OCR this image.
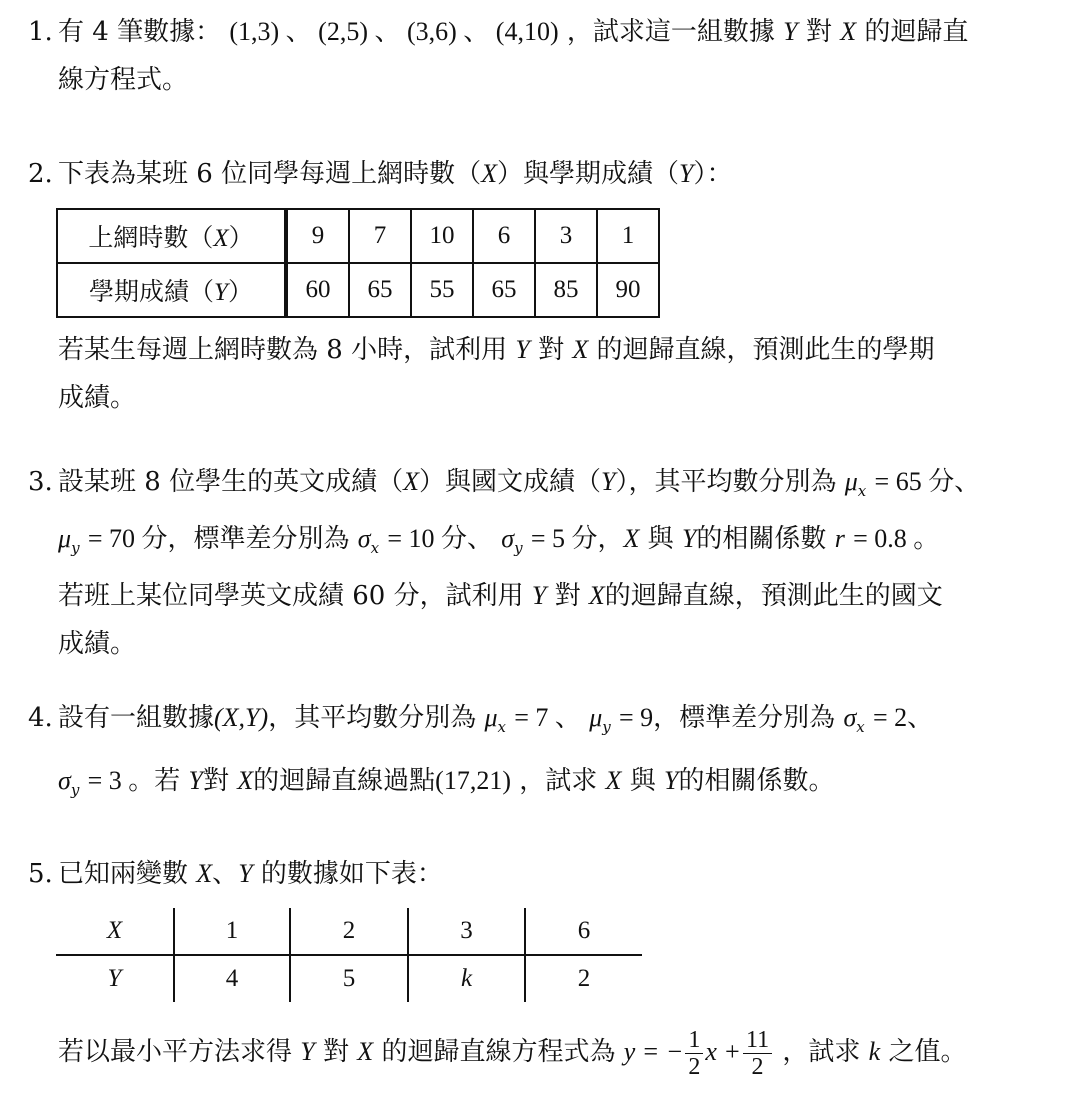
1. 有 4 筆數據： (1,3) 、 (2,5) 、 (3,6) 、 (4,10) ，試求這一組數據 Y 對 X 的迴歸直
線方程式。
2. 下表為某班 6 位同學每週上網時數（X）與學期成績（Y）：
上網時數（X）	9	7	10	6	3	1
學期成績（Y）	60	65	55	65	85	90
若某生每週上網時數為 8 小時，試利用 Y 對 X 的迴歸直線，預測此生的學期
成績。
3. 設某班 8 位學生的英文成績（X）與國文成績（Y），其平均數分別為 $\mu_x = 65$ 分、
$\mu_y = 70$ 分，標準差分別為 $\sigma_x = 10$ 分、 $\sigma_y = 5$ 分，X 與 Y的相關係數 r = 0.8 。
若班上某位同學英文成績 60 分，試利用 Y 對 X的迴歸直線，預測此生的國文
成績。
4. 設有一組數據(X,Y)，其平均數分別為 $\mu_x = 7$ 、 $\mu_y = 9$，標準差分別為 $\sigma_x = 2$、
$\sigma_y = 3$ 。若 Y對 X的迴歸直線過點(17,21) ，試求 X 與 Y的相關係數。
5. 已知兩變數 X、Y 的數據如下表：
X	1	2	3	6
Y	4	5	k	2
若以最小平方法求得 Y 對 X 的迴歸直線方程式為 y = − $\frac{1}{2}$ $x + \frac{11}{2}$ ，試求 k 之值。
